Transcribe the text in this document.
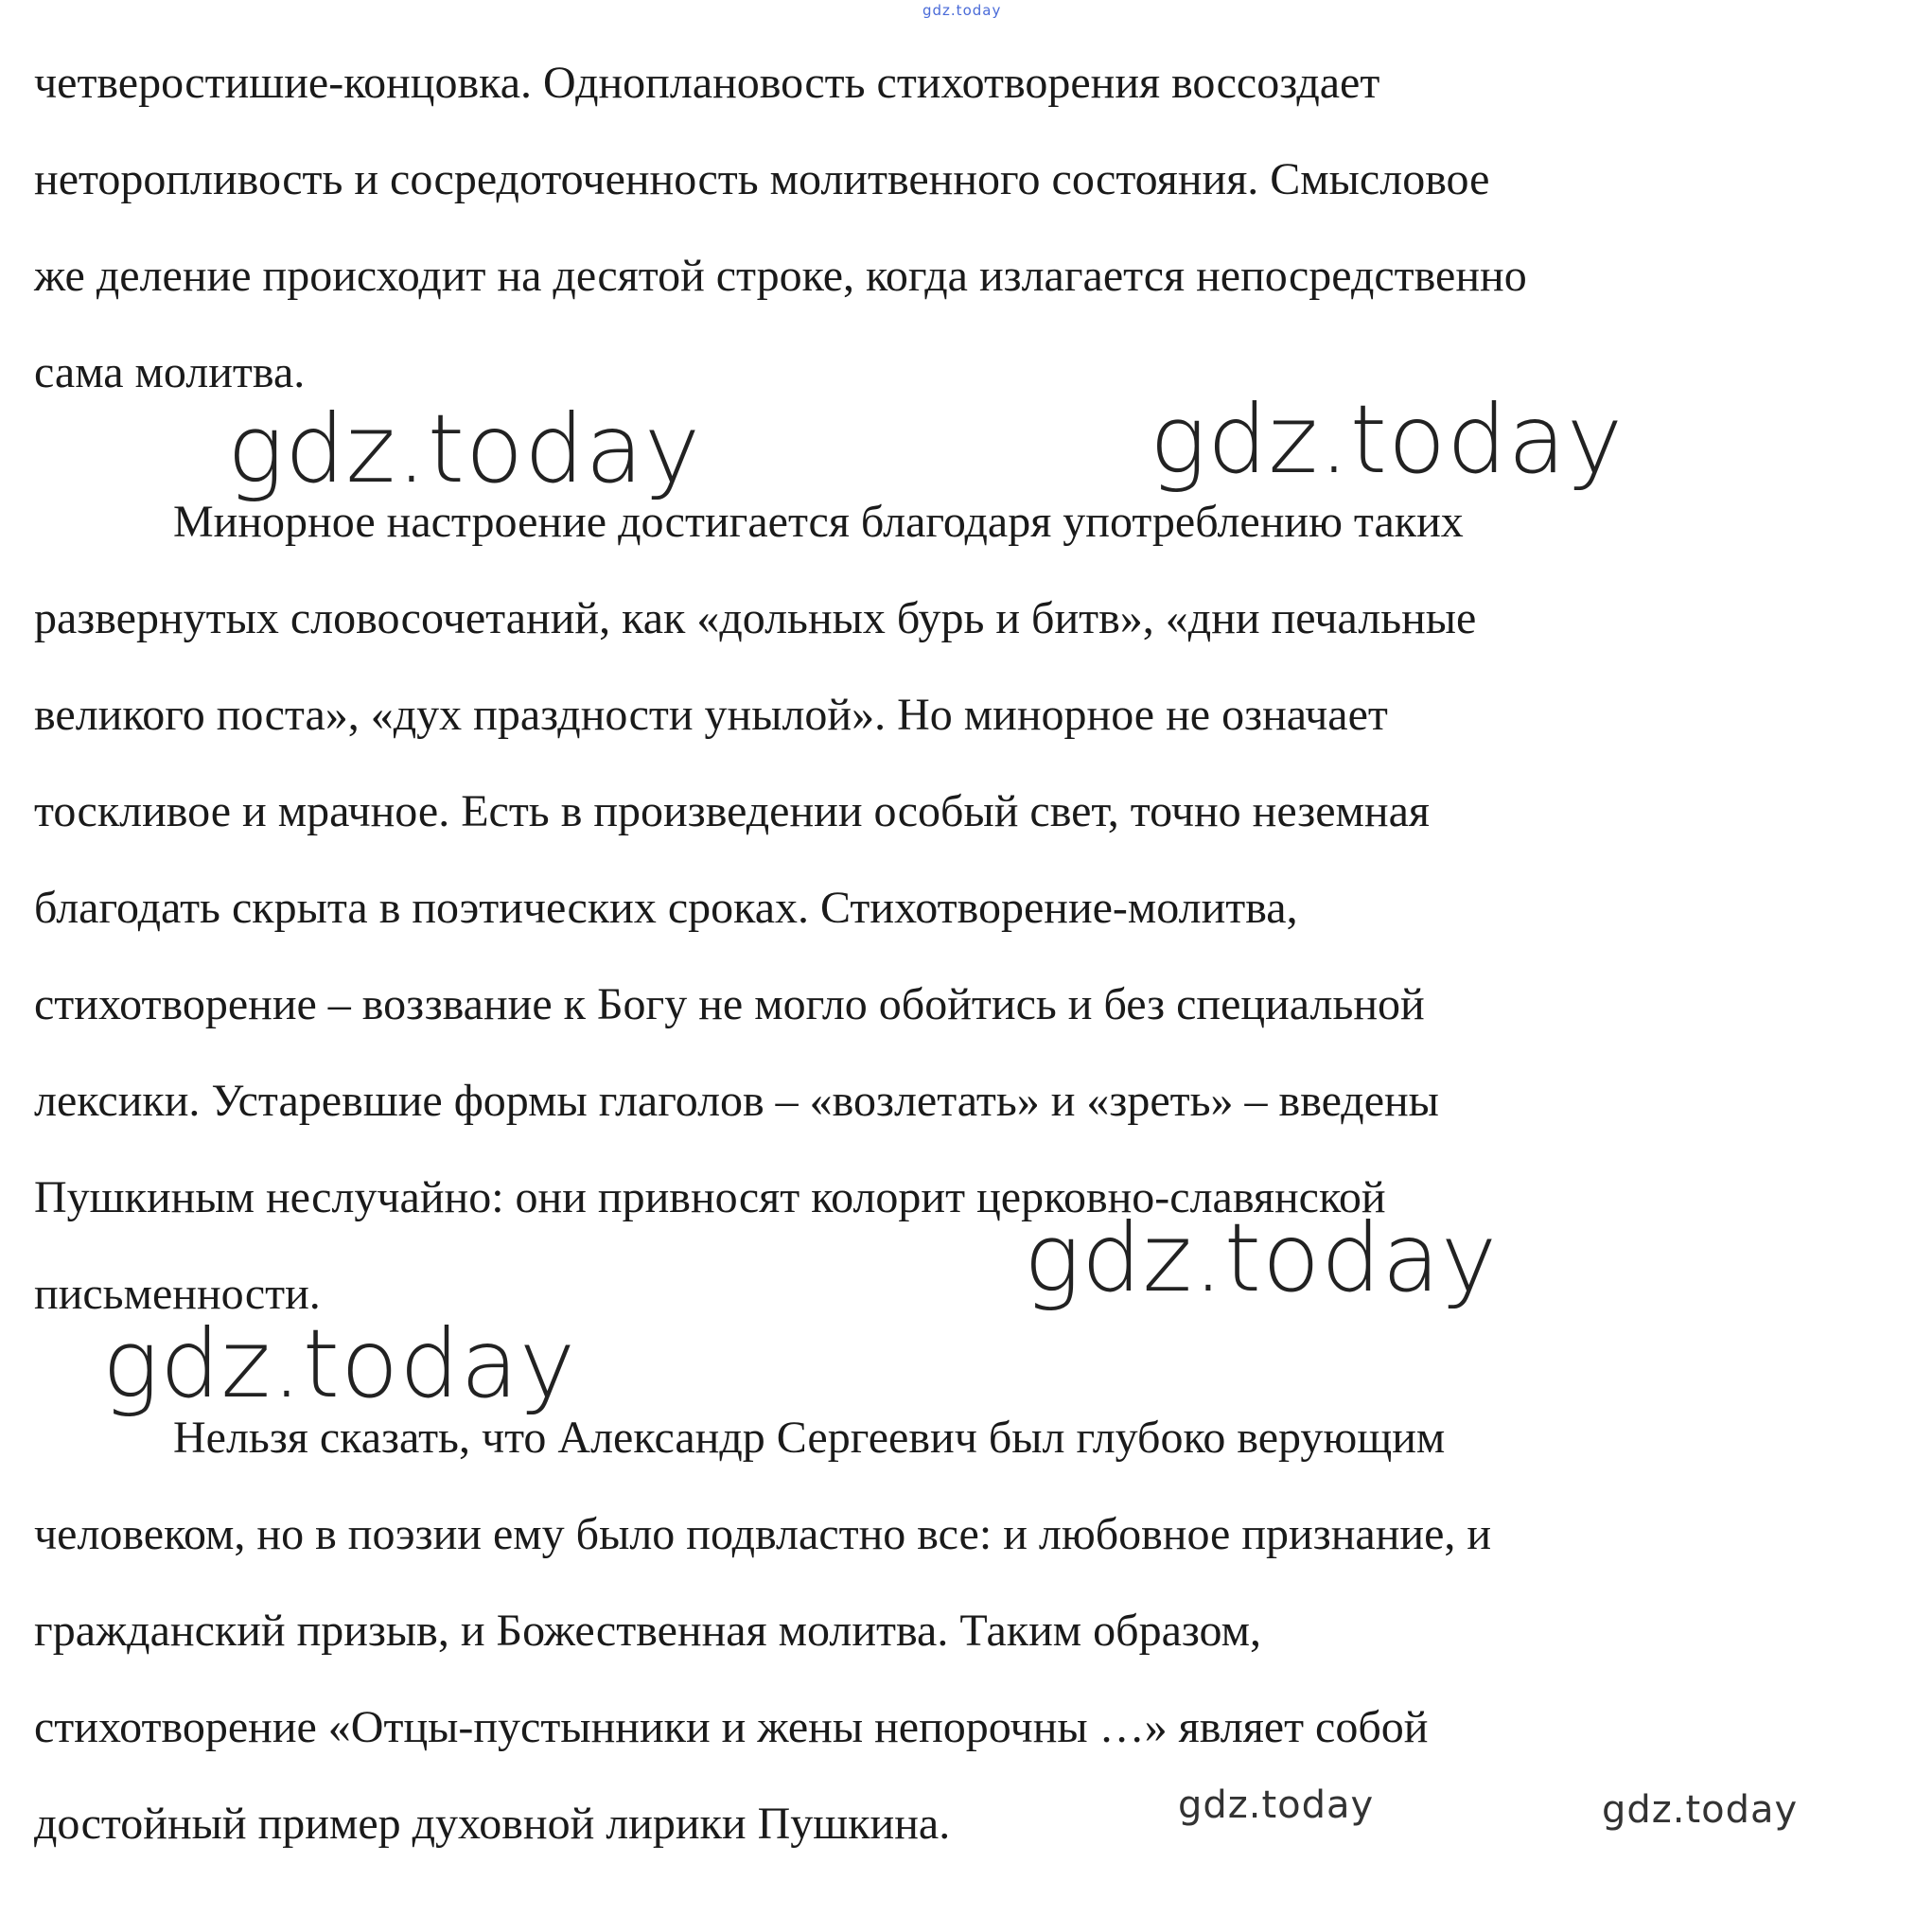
gdz.today

четверостишие-концовка. Одноплановость стихотворения воссоздает

неторопливость и сосредоточенность молитвенного состояния. Смысловое

же деление происходит на десятой строке, когда излагается непосредственно

сама молитва.

gdz.today	gdz.today

Минорное настроение достигается благодаря употреблению таких

развернутых словосочетаний, как «дольных бурь и битв», «дни печальные

великого поста», «дух праздности унылой». Но минорное не означает

тоскливое и мрачное. Есть в произведении особый свет, точно неземная

благодать скрыта в поэтических сроках. Стихотворение-молитва,

стихотворение – воззвание к Богу не могло обойтись и без специальной

лексики. Устаревшие формы глаголов – «возлетать» и «зреть» – введены

Пушкиным неслучайно: они привносят колорит церковно-славянской

письменности.	gdz.today
gdz.today

Нельзя сказать, что Александр Сергеевич был глубоко верующим

человеком, но в поэзии ему было подвластно все: и любовное признание, и

гражданский призыв, и Божественная молитва. Таким образом,

стихотворение «Отцы-пустынники и жены непорочны …» являет собой

достойный пример духовной лирики Пушкина.	gdz.today	gdz.today
